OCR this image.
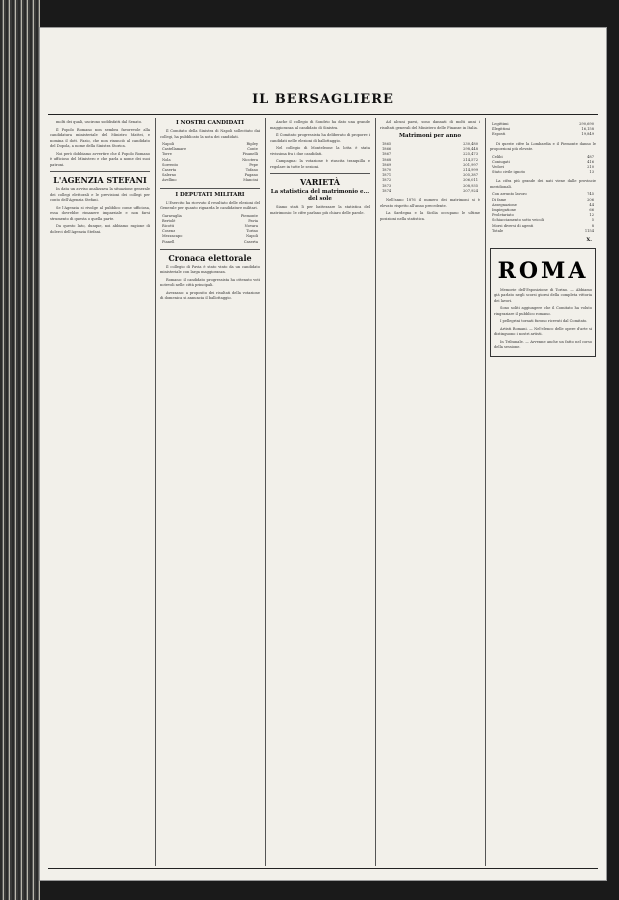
IL BERSAGLIERE

molti dei quali, uscirono soddisfatti dal Senato.

Il Popolo Romano non sembra favorevole alla candidatura ministeriale del Ministro Mattei, e nomina il dott. Fazio, che non rinunciò al candidato del Dopola, a nome della Sinistra Storica.

Noi però dobbiamo avvertire che il Popolo Romano è ufficioso del Ministero e che parla a nome dei suoi patroni.

L'AGENZIA STEFANI

In data un avviso analizzava la situazione generale dei collegi elettorali e le previsioni dei collegi per conto dell'Agenzia Stefani.

Se l'Agenzia si rivolge al pubblico come ufficiosa, essa dovrebbe rimanere imparziale e non farsi strumento di questa o quella parte.

Da questo lato, dunque, noi abbiamo ragione di dolerci dell'Agenzia Stefani.

I NOSTRI CANDIDATI

Il Comitato della Sinistra di Napoli sollecitato dai collegi, ha pubblicato la nota dei candidati.

Napoli	Ripley
Castellamare	Conte
Torre	Pisanelli
Nola	Nicotera
Sorrento	Pepe
Caserta	Tofano
Salerno	Pagano
Avellino	Mancini

I DEPUTATI MILITARI

L'Esercito ha ricevuto il resultato delle elezioni del Generale per quanto riguarda le candidature militari.

Garavaglia	Piemonte
Bertolè	Pavia
Ricotti	Novara
Cosenz	Torino
Mezzacapo	Napoli
Pianell	Caserta

Cronaca elettorale

Il collegio di Pavia è stato vinto da un candidato ministeriale con larga maggioranza.

Romano: il candidato progressista ha ottenuto voti notevoli nelle città principali.

Avezzano: a proposito dei risultati della votazione di domenica si annuncia il ballottaggio.

Anche il collegio di Sondrio ha dato una grande maggioranza al candidato di Sinistra.

Il Comitato progressista ha deliberato di proporre i candidati nelle elezioni di ballottaggio.

Nel collegio di Monteleone la lotta è stata vivissima fra i due candidati.

Campagna: la votazione è riuscita tranquilla e regolare in tutte le sezioni.

VARIETÀ

La statistica del matrimonio e... del sole

Siamo stati lì per battezzare la statistica del matrimonio: le cifre parlano più chiaro delle parole.

Ad alcuni paesi, sono dannati di molti anni i risultati generali del Ministero delle Finanze in Italia.

Matrimoni per anno

1865	230,480
1866	298,448
1867	225,473
1868	214,572
1869	201,997
1870	214,999
1871	205,387
1872	206,011
1873	208,935
1874	207,924

Nell'anno 1876 il numero dei matrimoni si è elevato rispetto all'anno precedente.

La Sardegna e la Sicilia occupano le ultime posizioni nella statistica.

Legittimi	290,690
Illegittimi	16,158
Esposti	19,849

Di queste cifre la Lombardia e il Piemonte danno le proporzioni più elevate.

Celibi	487
Coniugati	416
Vedovi	210
Stato civile ignoto	13

La cifra più grande dei nati viene dalle provincie meridionali.

Con arrunto lavoro	745
Di fame	206
Assegnazione	44
Impiegatione	66
Proletariato	12
Schiacciamento sotto veicoli	5
Morsi diversi di agenti	8
Totale	1154
X.
ROMA

Memorie dell'Esposizione di Torino. — Abbiamo già parlato negli scorsi giorni della completa vittoria dei lavori.

Sono soliti aggiungere che il Comitato ha voluto ringraziare il pubblico romano.

I pellegrini tornati furono ricevuti dal Comitato.

Artisti Romani. — Nel'elenco delle opere d'arte si distinguono i nostri artisti.

In Tribunale. — Avvenne anche un fatto nel corso della sessione.
